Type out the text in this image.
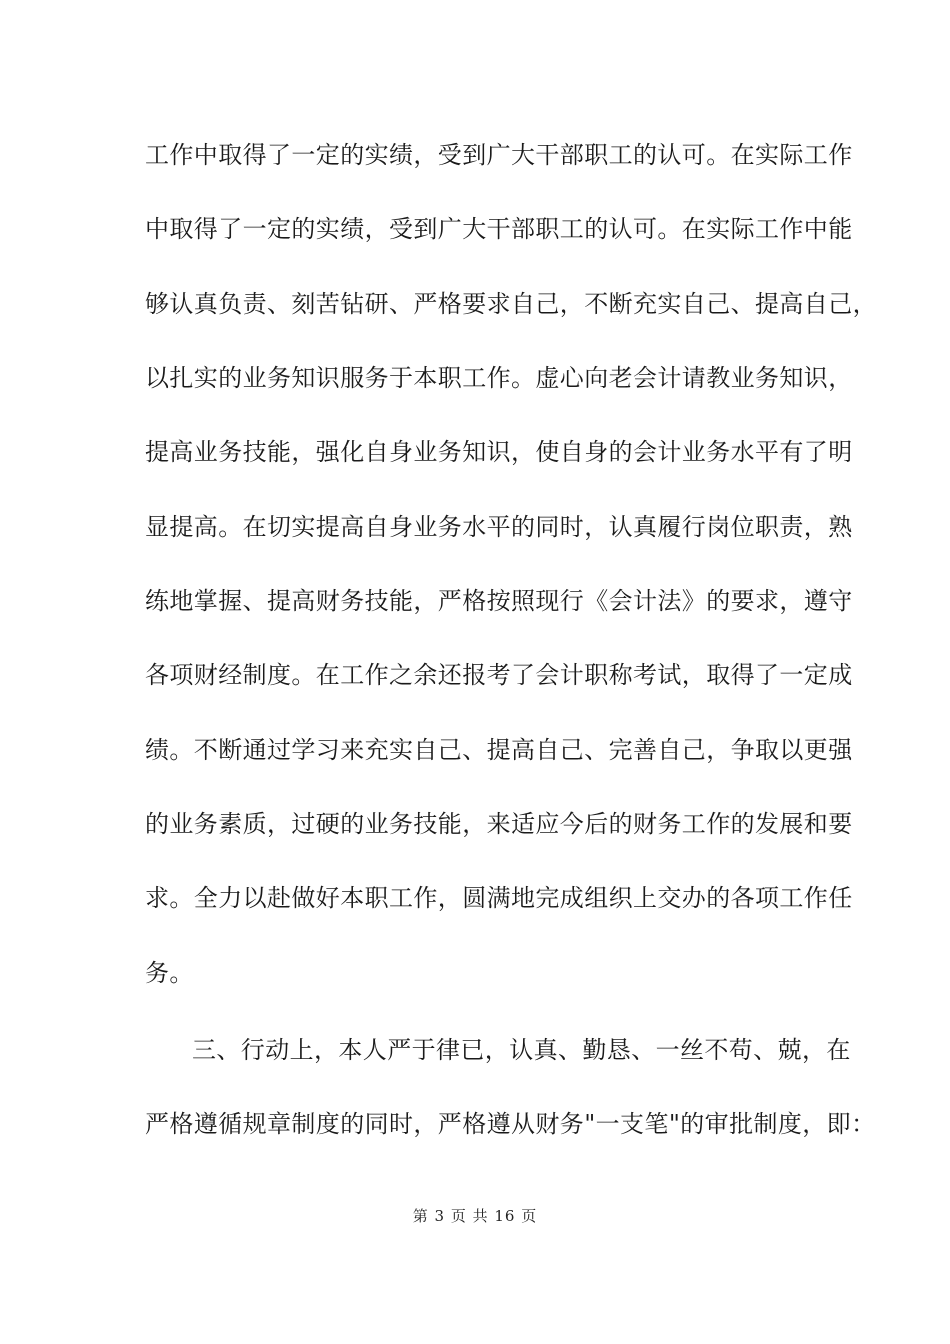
工作中取得了一定的实绩，受到广大干部职工的认可。在实际工作
中取得了一定的实绩，受到广大干部职工的认可。在实际工作中能
够认真负责、刻苦钻研、严格要求自己，不断充实自己、提高自己，
以扎实的业务知识服务于本职工作。虚心向老会计请教业务知识，
提高业务技能，强化自身业务知识，使自身的会计业务水平有了明
显提高。在切实提高自身业务水平的同时，认真履行岗位职责，熟
练地掌握、提高财务技能，严格按照现行《会计法》的要求，遵守
各项财经制度。在工作之余还报考了会计职称考试，取得了一定成
绩。不断通过学习来充实自己、提高自己、完善自己，争取以更强
的业务素质，过硬的业务技能，来适应今后的财务工作的发展和要
求。全力以赴做好本职工作，圆满地完成组织上交办的各项工作任
务。
三、行动上，本人严于律已，认真、勤恳、一丝不苟、兢，在
严格遵循规章制度的同时，严格遵从财务"一支笔"的审批制度，即：
第 3 页 共 16 页
